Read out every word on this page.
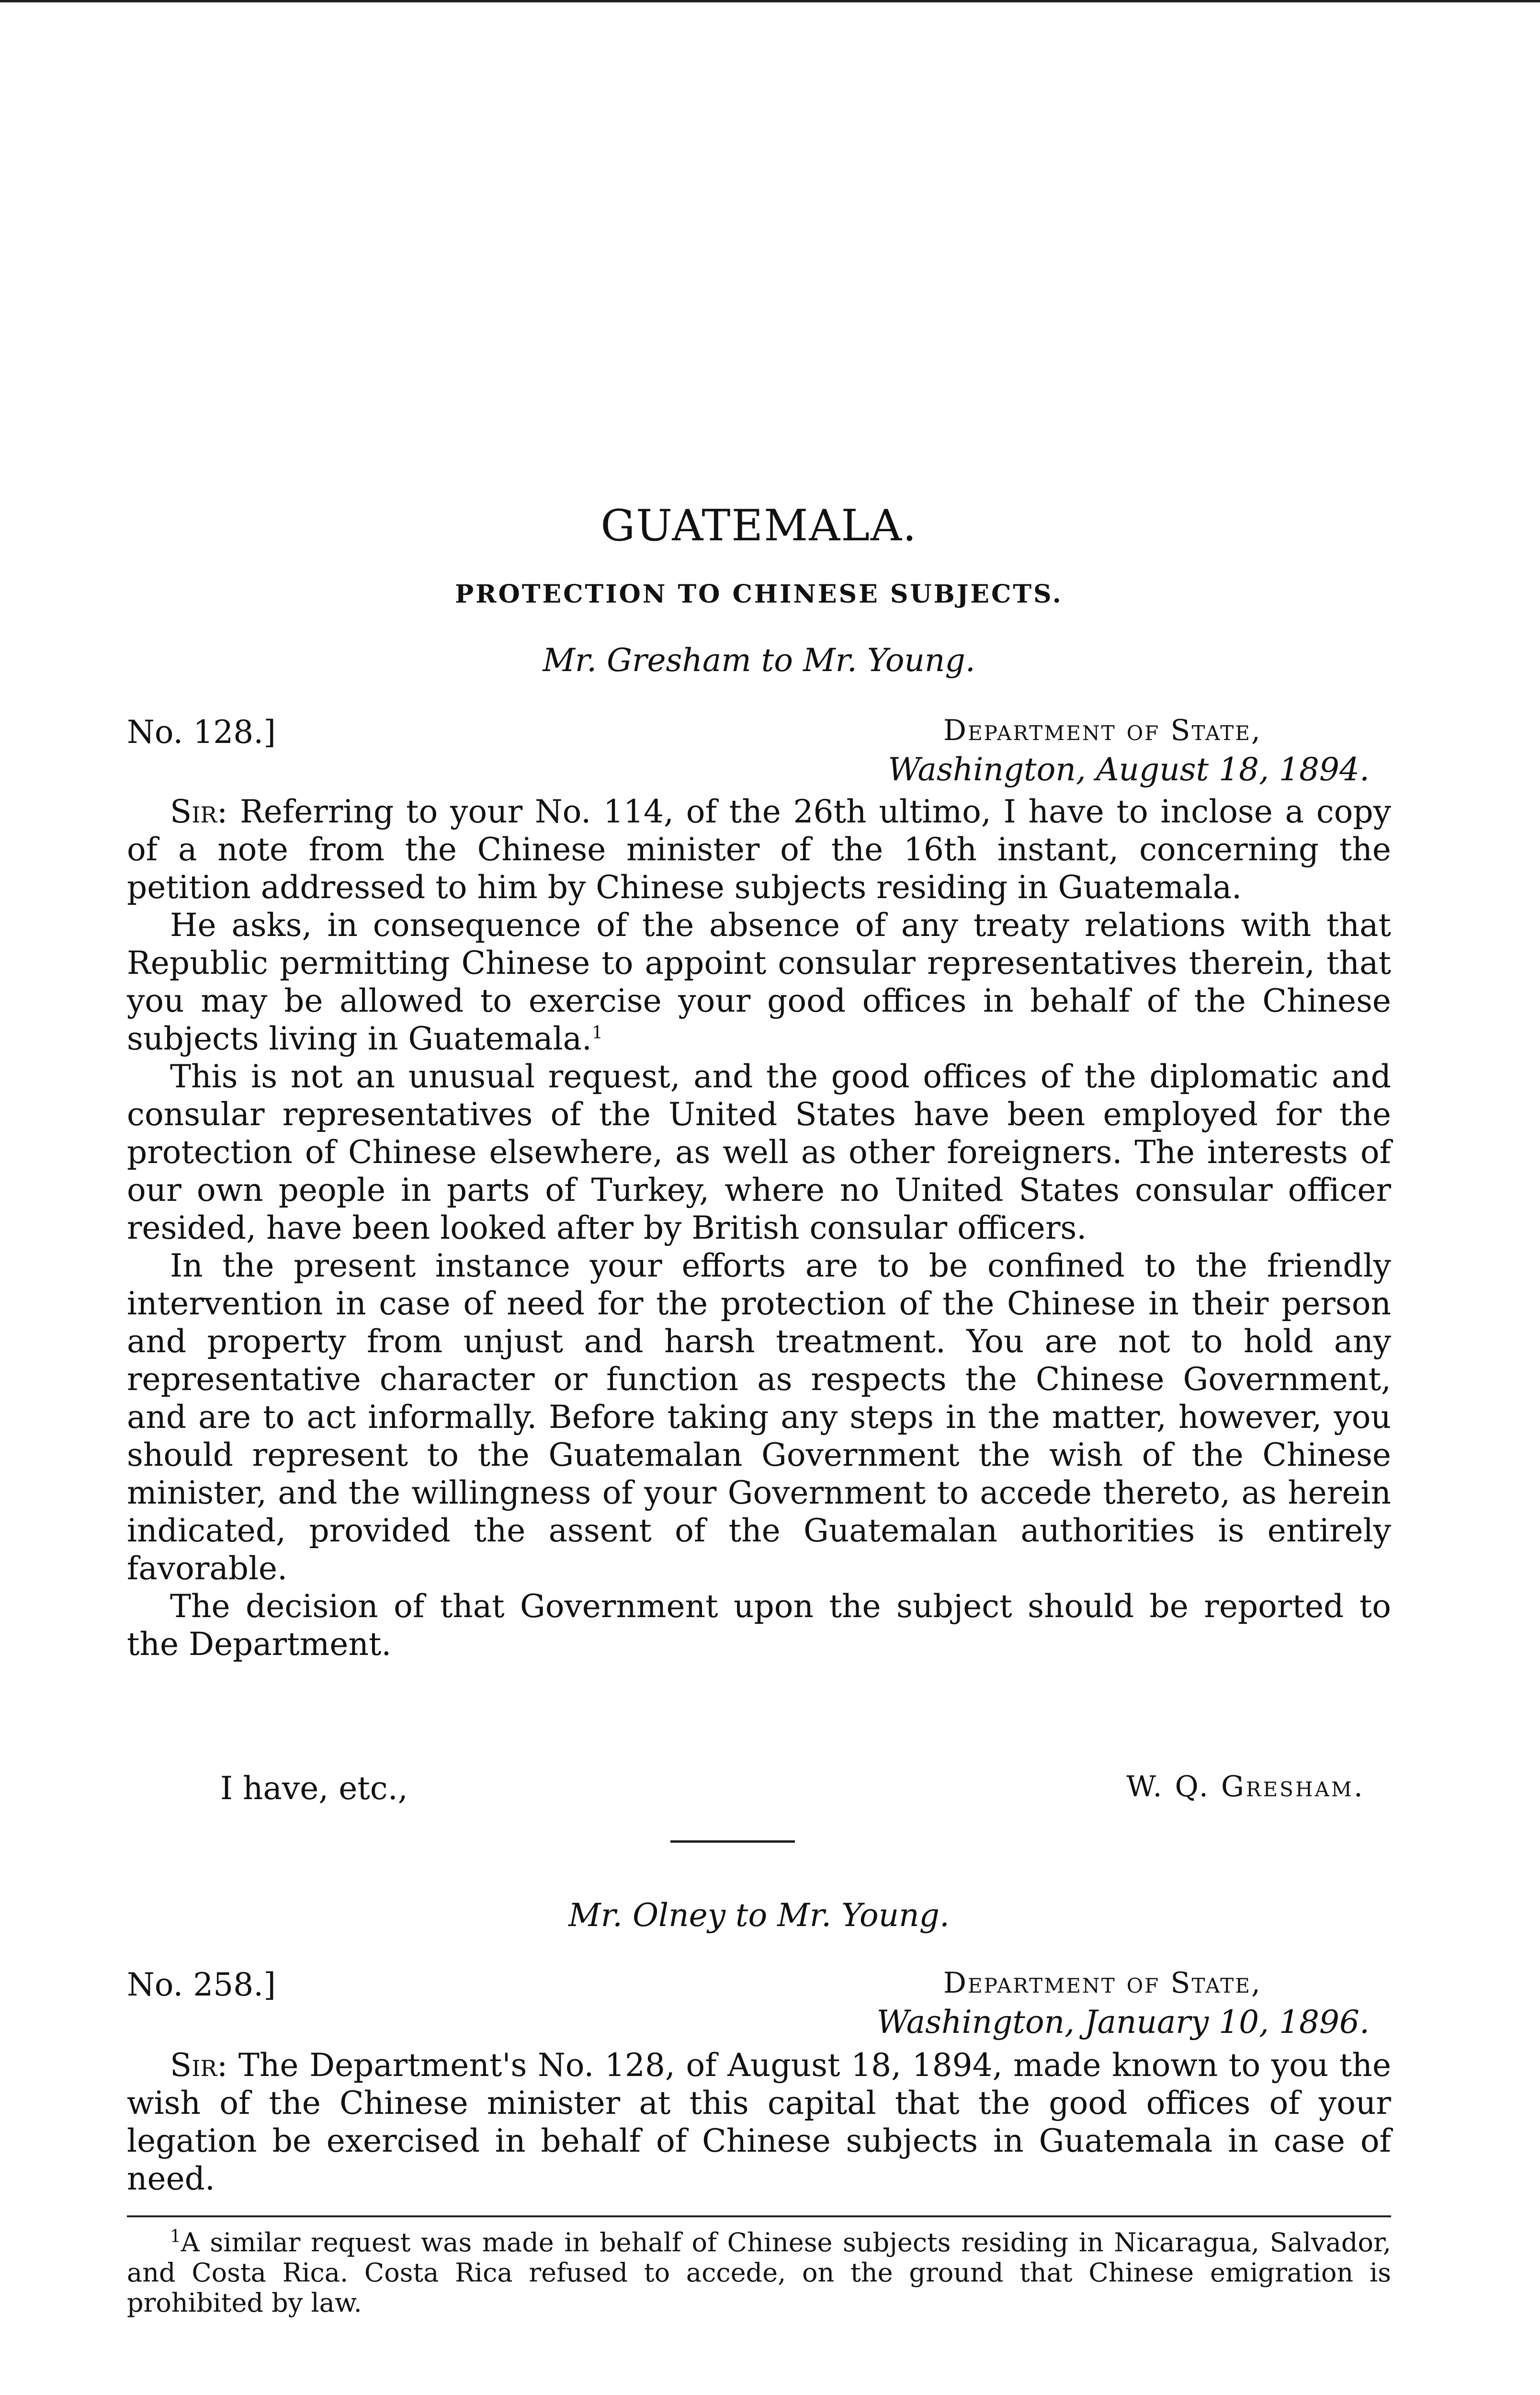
GUATEMALA.
PROTECTION TO CHINESE SUBJECTS.
Mr. Gresham to Mr. Young.
No. 128.]	Department of State,
Washington, August 18, 1894.

Sir: Referring to your No. 114, of the 26th ultimo, I have to inclose a copy of a note from the Chinese minister of the 16th instant, concerning the petition addressed to him by Chinese subjects residing in Guatemala.

He asks, in consequence of the absence of any treaty relations with that Republic permitting Chinese to appoint consular representatives therein, that you may be allowed to exercise your good offices in behalf of the Chinese subjects living in Guatemala.$^1$

This is not an unusual request, and the good offices of the diplomatic and consular representatives of the United States have been employed for the protection of Chinese elsewhere, as well as other foreigners. The interests of our own people in parts of Turkey, where no United States consular officer resided, have been looked after by British consular officers.

In the present instance your efforts are to be confined to the friendly intervention in case of need for the protection of the Chinese in their person and property from unjust and harsh treatment. You are not to hold any representative character or function as respects the Chinese Government, and are to act informally. Before taking any steps in the matter, however, you should represent to the Guatemalan Government the wish of the Chinese minister, and the willingness of your Government to accede thereto, as herein indicated, provided the assent of the Guatemalan authorities is entirely favorable.

The decision of that Government upon the subject should be reported to the Department.

I have, etc.,	W. Q. Gresham.
Mr. Olney to Mr. Young.
No. 258.]	Department of State,
Washington, January 10, 1896.

Sir: The Department's No. 128, of August 18, 1894, made known to you the wish of the Chinese minister at this capital that the good offices of your legation be exercised in behalf of Chinese subjects in Guatemala in case of need.

$^1$A similar request was made in behalf of Chinese subjects residing in Nicaragua, Salvador, and Costa Rica. Costa Rica refused to accede, on the ground that Chinese emigration is prohibited by law.
